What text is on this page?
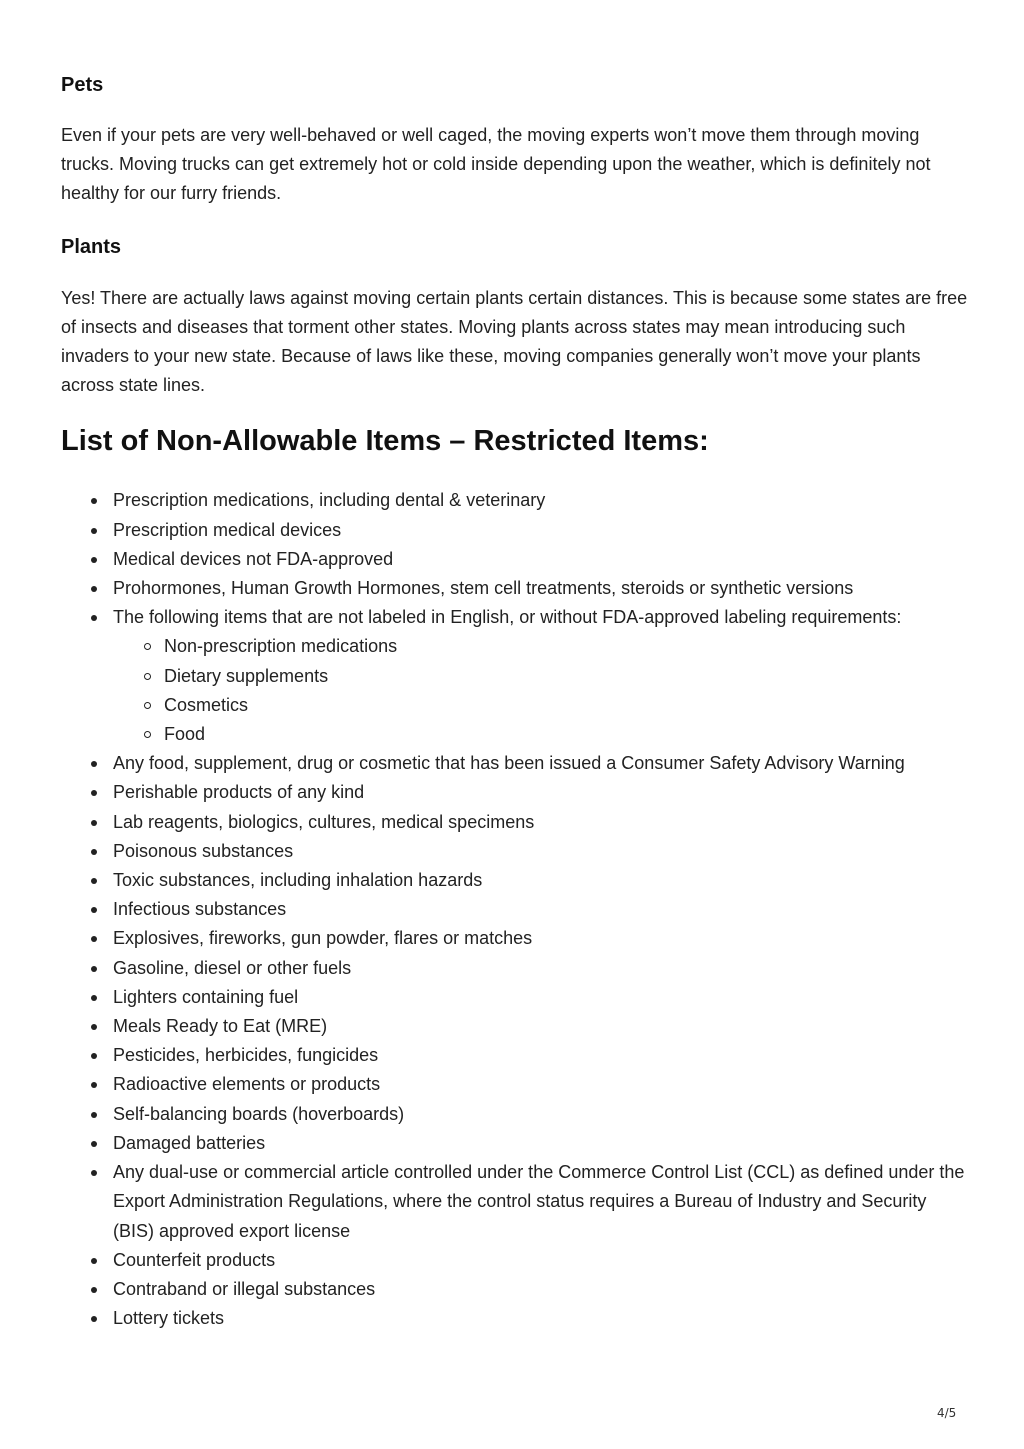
Pets

Even if your pets are very well-behaved or well caged, the moving experts won’t move them through moving trucks. Moving trucks can get extremely hot or cold inside depending upon the weather, which is definitely not healthy for our furry friends.

Plants

Yes! There are actually laws against moving certain plants certain distances. This is because some states are free of insects and diseases that torment other states. Moving plants across states may mean introducing such invaders to your new state. Because of laws like these, moving companies generally won’t move your plants across state lines.

List of Non-Allowable Items – Restricted Items:
Prescription medications, including dental & veterinary
Prescription medical devices
Medical devices not FDA-approved
Prohormones, Human Growth Hormones, stem cell treatments, steroids or synthetic versions
The following items that are not labeled in English, or without FDA-approved labeling requirements:
Non-prescription medications
Dietary supplements
Cosmetics
Food
Any food, supplement, drug or cosmetic that has been issued a Consumer Safety Advisory Warning
Perishable products of any kind
Lab reagents, biologics, cultures, medical specimens
Poisonous substances
Toxic substances, including inhalation hazards
Infectious substances
Explosives, fireworks, gun powder, flares or matches
Gasoline, diesel or other fuels
Lighters containing fuel
Meals Ready to Eat (MRE)
Pesticides, herbicides, fungicides
Radioactive elements or products
Self-balancing boards (hoverboards)
Damaged batteries
Any dual-use or commercial article controlled under the Commerce Control List (CCL) as defined under the Export Administration Regulations, where the control status requires a Bureau of Industry and Security (BIS) approved export license
Counterfeit products
Contraband or illegal substances
Lottery tickets
4/5
